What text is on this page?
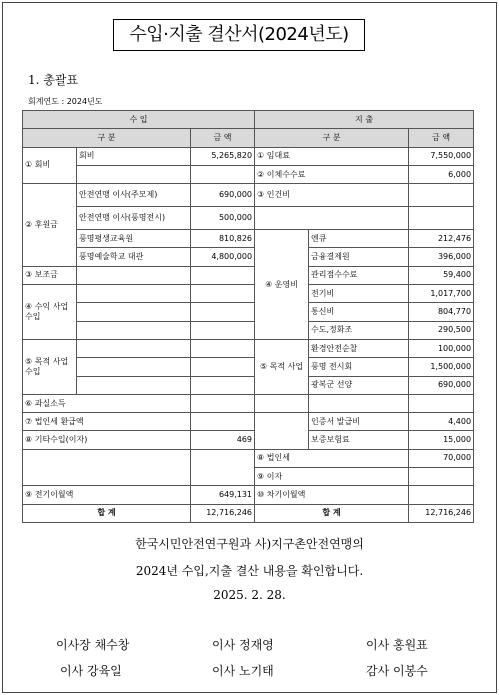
수입·지출 결산서(2024년도)
1. 총괄표
회계연도 : 2024년도
수 입			지 출		
구 분		금 액	구 분		금 액
① 회비	회비	5,265,820	① 임대료		7,550,000
			② 이체수수료		6,000
② 후원금	안전연맹 이사(주모제)	690,000	③ 인건비		
	안전연맹 이사(풍명전시)	500,000			
	풍명평생교육원	810,826	④ 운영비	엔큐	212,476
	풍명예술학교 대관	4,800,000		금융결제원	396,000
③ 보조금				관리점수수료	59,400
④ 수익 사업 수입				전기비	1,017,700
				통신비	804,770
				수도,정화조	290,500
⑤ 목적 사업 수입			⑤ 목적 사업	환경안전순찰	100,000
				풍명 전시회	1,500,000
				광복군 선양	690,000
⑥ 과실소득					
⑦ 법인세 환급액				인증서 발급비	4,400
⑧ 기타수입(이자)		469		보증보험료	15,000
			⑧ 법인세		70,000
			⑨ 이자		
⑨ 전기이월액		649,131	⑩ 차기이월액		
합 계		12,716,246	합 계		12,716,246
한국시민안전연구원과 사)지구촌안전연맹의
2024년 수입,지출 결산 내용을 확인합니다.
2025. 2. 28.
이사장 채수창	이사 정재영	이사 홍원표
이사 강육일	이사 노기태	감사 이봉수
